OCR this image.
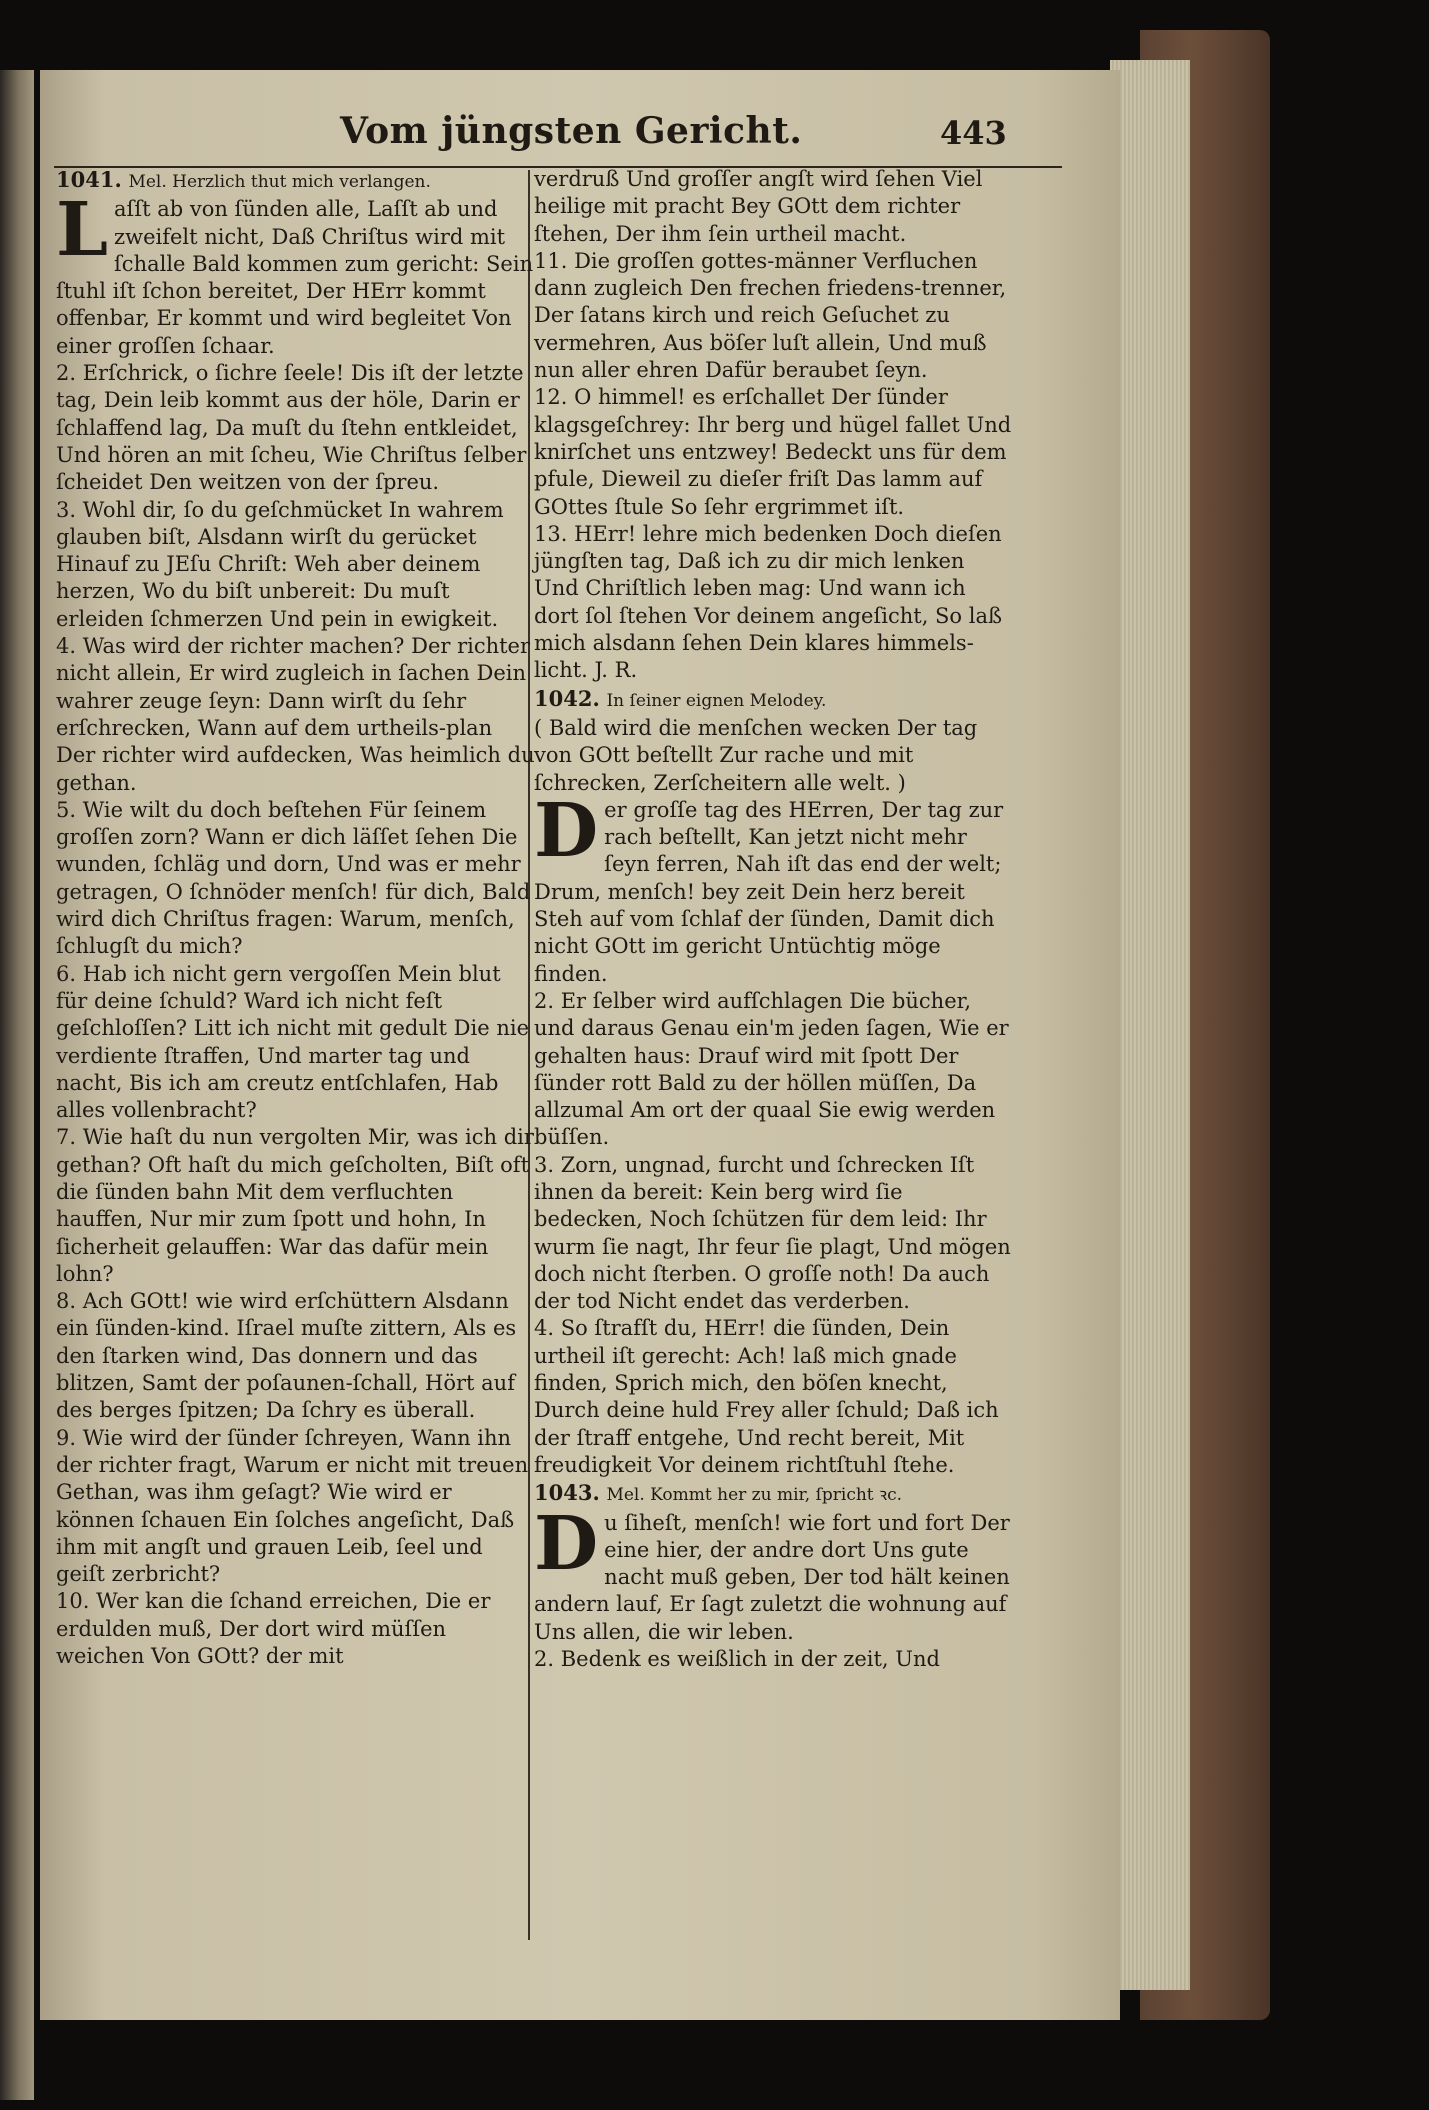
Vom jüngsten Gericht.	443

1041. Mel. Herzlich thut mich verlangen.

Laſſt ab von ſünden alle, Laſſt ab und zweifelt nicht, Daß Chriſtus wird mit ſchalle Bald kommen zum gericht: Sein ſtuhl iſt ſchon bereitet, Der HErr kommt offenbar, Er kommt und wird begleitet Von einer groſſen ſchaar.

2. Erſchrick, o ſichre ſeele! Dis iſt der letzte tag, Dein leib kommt aus der höle, Darin er ſchlaffend lag, Da muſt du ſtehn entkleidet, Und hören an mit ſcheu, Wie Chriſtus ſelber ſcheidet Den weitzen von der ſpreu.

3. Wohl dir, ſo du geſchmücket In wahrem glauben biſt, Alsdann wirſt du gerücket Hinauf zu JEſu Chriſt: Weh aber deinem herzen, Wo du biſt unbereit: Du muſt erleiden ſchmerzen Und pein in ewigkeit.

4. Was wird der richter machen? Der richter nicht allein, Er wird zugleich in ſachen Dein wahrer zeuge ſeyn: Dann wirſt du ſehr erſchrecken, Wann auf dem urtheils-plan Der richter wird aufdecken, Was heimlich du gethan.

5. Wie wilt du doch beſtehen Für ſeinem groſſen zorn? Wann er dich läſſet ſehen Die wunden, ſchläg und dorn, Und was er mehr getragen, O ſchnöder menſch! für dich, Bald wird dich Chriſtus fragen: Warum, menſch, ſchlugſt du mich?

6. Hab ich nicht gern vergoſſen Mein blut für deine ſchuld? Ward ich nicht feſt geſchloſſen? Litt ich nicht mit gedult Die nie verdiente ſtraffen, Und marter tag und nacht, Bis ich am creutz entſchlafen, Hab alles vollenbracht?

7. Wie haſt du nun vergolten Mir, was ich dir gethan? Oft haſt du mich geſcholten, Biſt oft die ſünden bahn Mit dem verfluchten hauffen, Nur mir zum ſpott und hohn, In ſicherheit gelauffen: War das dafür mein lohn?

8. Ach GOtt! wie wird erſchüttern Alsdann ein ſünden-kind. Iſrael muſte zittern, Als es den ſtarken wind, Das donnern und das blitzen, Samt der poſaunen-ſchall, Hört auf des berges ſpitzen; Da ſchry es überall.

9. Wie wird der ſünder ſchreyen, Wann ihn der richter fragt, Warum er nicht mit treuen Gethan, was ihm geſagt? Wie wird er können ſchauen Ein ſolches angeſicht, Daß ihm mit angſt und grauen Leib, ſeel und geiſt zerbricht?

10. Wer kan die ſchand erreichen, Die er erdulden muß, Der dort wird müſſen weichen Von GOtt? der mit

verdruß Und groſſer angſt wird ſehen Viel heilige mit pracht Bey GOtt dem richter ſtehen, Der ihm ſein urtheil macht.

11. Die groſſen gottes-männer Verfluchen dann zugleich Den frechen friedens-trenner, Der ſatans kirch und reich Geſuchet zu vermehren, Aus böſer luſt allein, Und muß nun aller ehren Dafür beraubet ſeyn.

12. O himmel! es erſchallet Der ſünder klagsgeſchrey: Ihr berg und hügel fallet Und knirſchet uns entzwey! Bedeckt uns für dem pfule, Dieweil zu dieſer friſt Das lamm auf GOttes ſtule So ſehr ergrimmet iſt.

13. HErr! lehre mich bedenken Doch dieſen jüngſten tag, Daß ich zu dir mich lenken Und Chriſtlich leben mag: Und wann ich dort ſol ſtehen Vor deinem angeſicht, So laß mich alsdann ſehen Dein klares himmels-licht. J. R.

1042. In ſeiner eignen Melodey.

( Bald wird die menſchen wecken Der tag von GOtt beſtellt Zur rache und mit ſchrecken, Zerſcheitern alle welt. )

Der groſſe tag des HErren, Der tag zur rach beſtellt, Kan jetzt nicht mehr ſeyn ferren, Nah iſt das end der welt; Drum, menſch! bey zeit Dein herz bereit Steh auf vom ſchlaf der ſünden, Damit dich nicht GOtt im gericht Untüchtig möge finden.

2. Er ſelber wird aufſchlagen Die bücher, und daraus Genau ein'm jeden ſagen, Wie er gehalten haus: Drauf wird mit ſpott Der ſünder rott Bald zu der höllen müſſen, Da allzumal Am ort der quaal Sie ewig werden büſſen.

3. Zorn, ungnad, furcht und ſchrecken Iſt ihnen da bereit: Kein berg wird ſie bedecken, Noch ſchützen für dem leid: Ihr wurm ſie nagt, Ihr feur ſie plagt, Und mögen doch nicht ſterben. O groſſe noth! Da auch der tod Nicht endet das verderben.

4. So ſtrafſt du, HErr! die ſünden, Dein urtheil iſt gerecht: Ach! laß mich gnade finden, Sprich mich, den böſen knecht, Durch deine huld Frey aller ſchuld; Daß ich der ſtraff entgehe, Und recht bereit, Mit freudigkeit Vor deinem richtſtuhl ſtehe.

1043. Mel. Kommt her zu mir, ſpricht ꝛc.

Du ſiheſt, menſch! wie fort und fort Der eine hier, der andre dort Uns gute nacht muß geben, Der tod hält keinen andern lauf, Er ſagt zuletzt die wohnung auf Uns allen, die wir leben.

2. Bedenk es weißlich in der zeit, Und
